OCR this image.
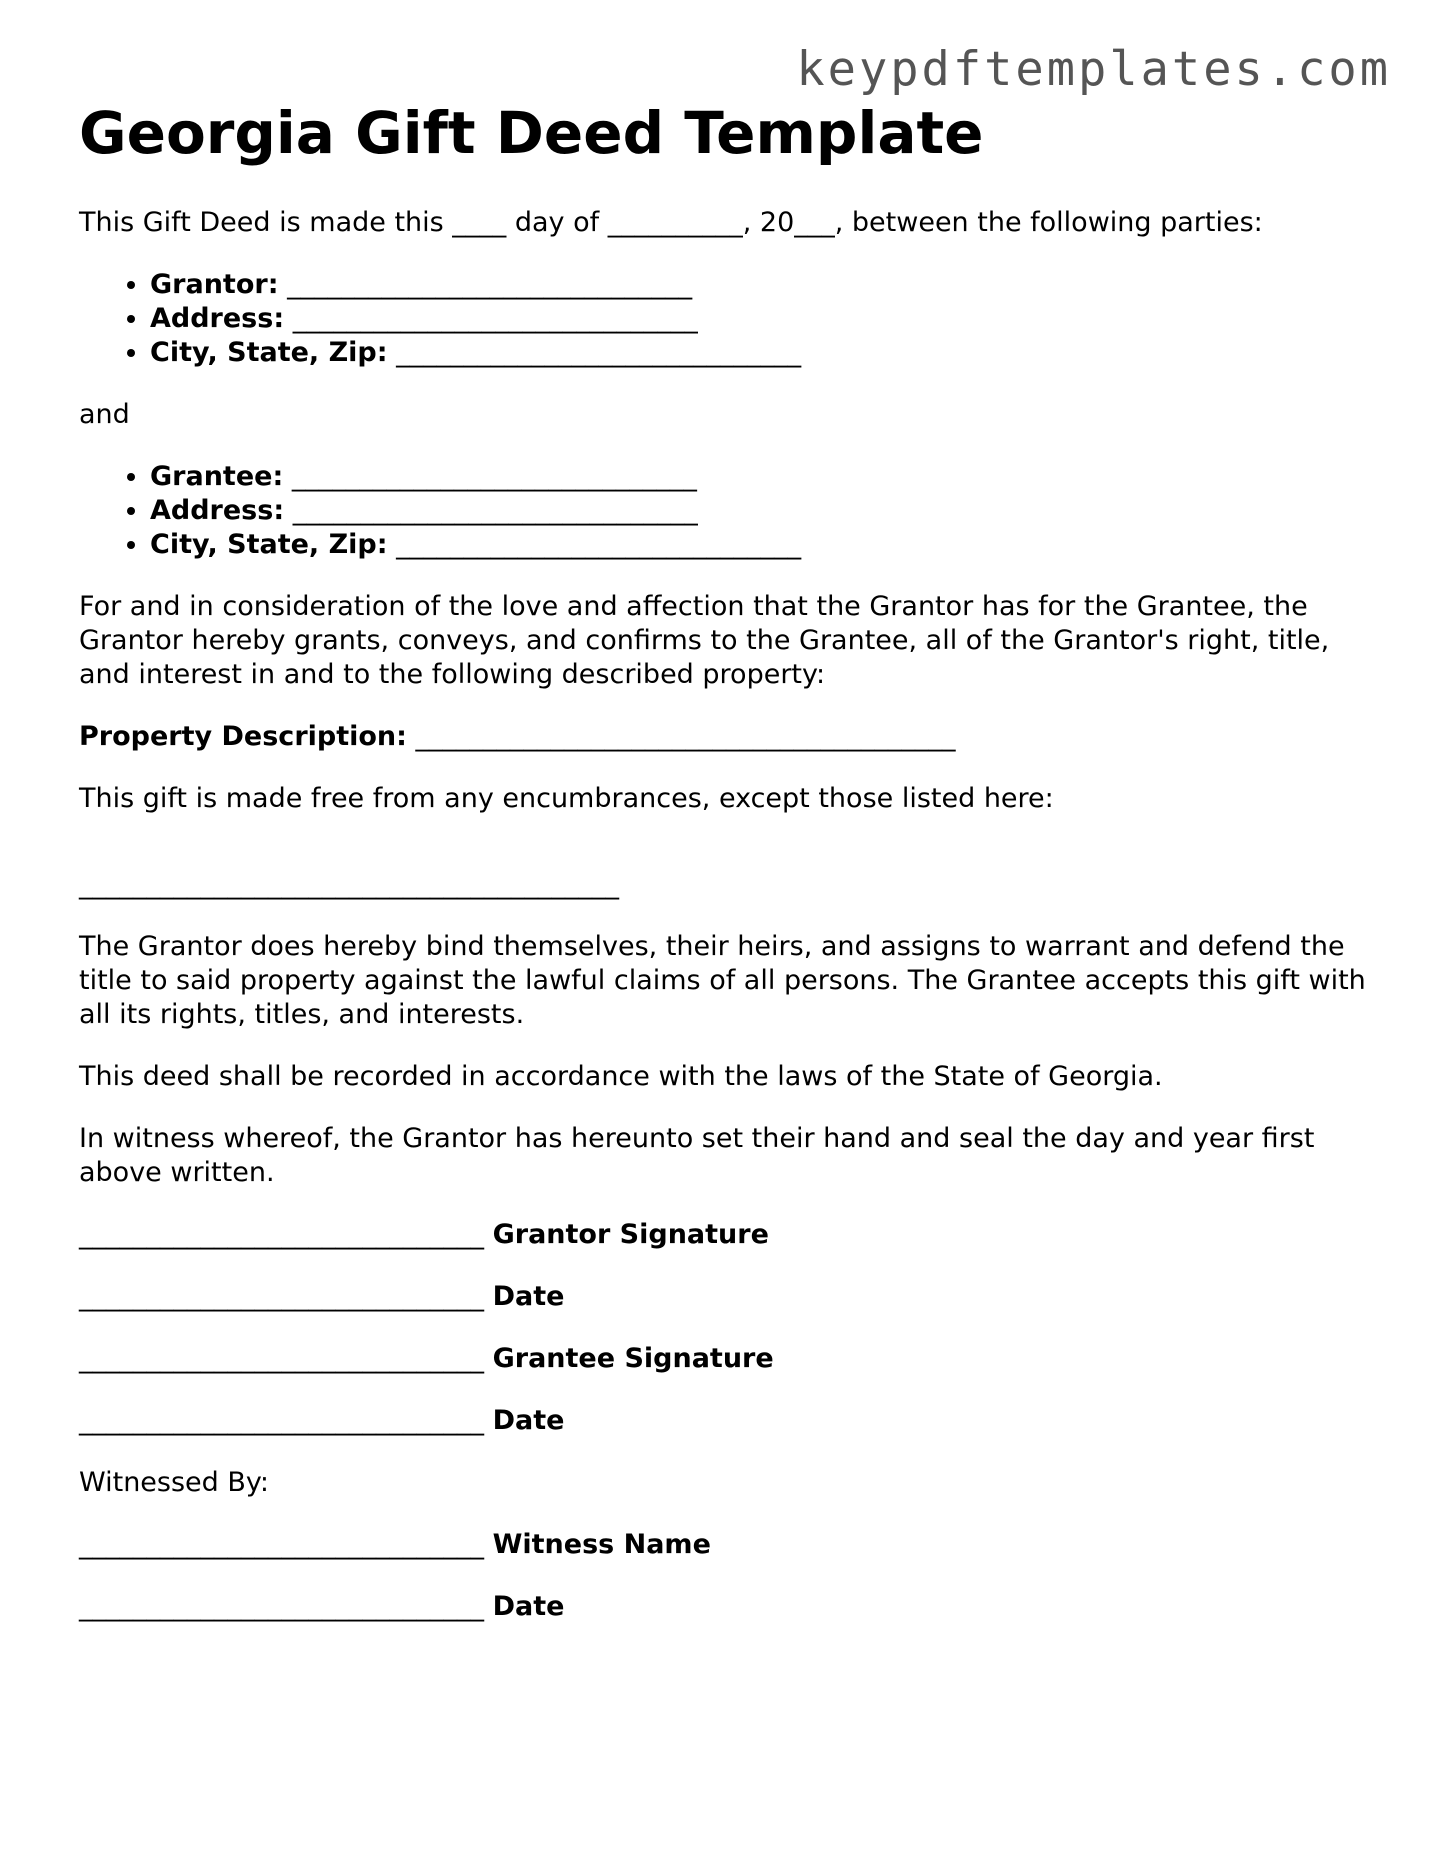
keypdftemplates.com
Georgia Gift Deed Template

This Gift Deed is made this ____ day of __________, 20___, between the following parties:

• Grantor: ______________________________
• Address: ______________________________
• City, State, Zip: ______________________________

and

• Grantee: ______________________________
• Address: ______________________________
• City, State, Zip: ______________________________

For and in consideration of the love and affection that the Grantor has for the Grantee, the Grantor hereby grants, conveys, and confirms to the Grantee, all of the Grantor's right, title, and interest in and to the following described property:

Property Description: ________________________________________

This gift is made free from any encumbrances, except those listed here:

________________________________________

The Grantor does hereby bind themselves, their heirs, and assigns to warrant and defend the title to said property against the lawful claims of all persons. The Grantee accepts this gift with all its rights, titles, and interests.

This deed shall be recorded in accordance with the laws of the State of Georgia.

In witness whereof, the Grantor has hereunto set their hand and seal the day and year first above written.

______________________________ Grantor Signature

______________________________ Date

______________________________ Grantee Signature

______________________________ Date

Witnessed By:

______________________________ Witness Name

______________________________ Date
